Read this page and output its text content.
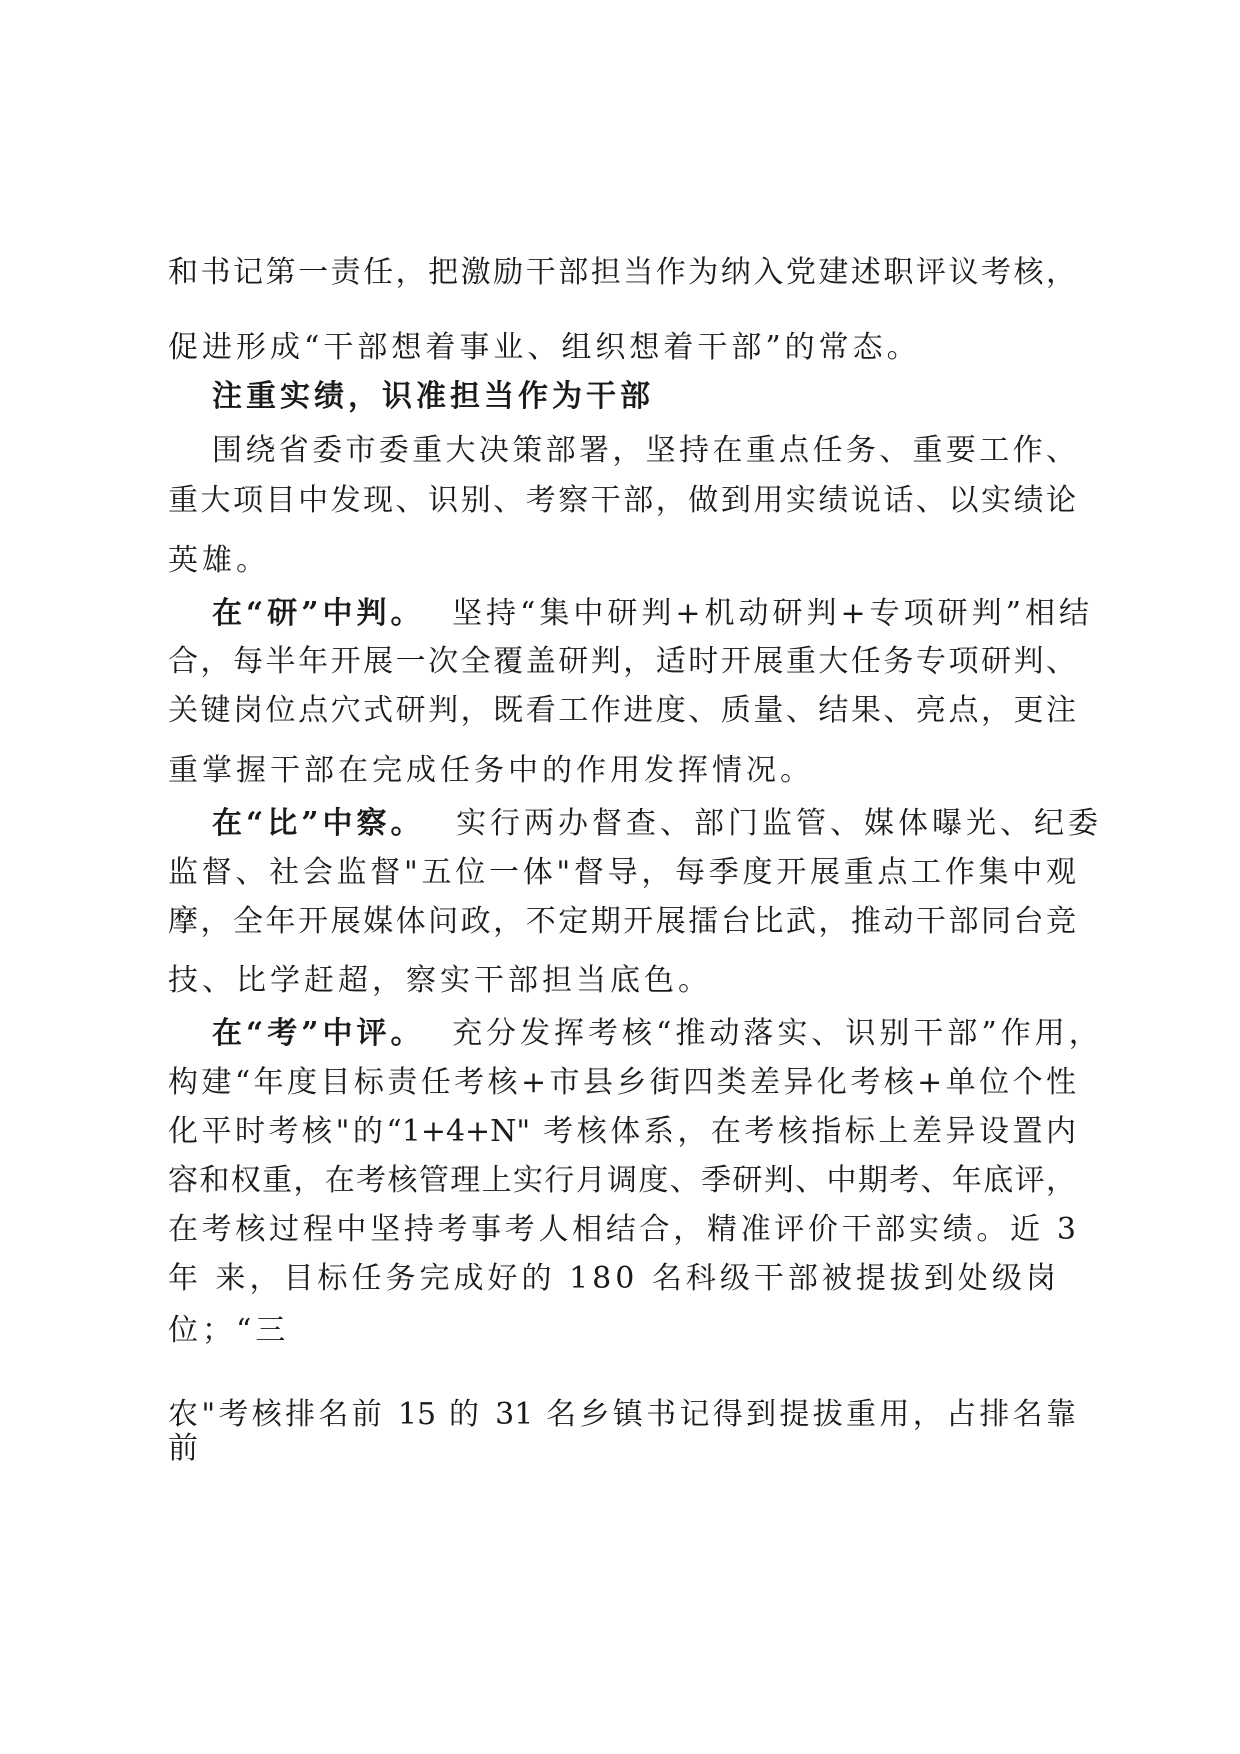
和书记第一责任，把激励干部担当作为纳入党建述职评议考核，
促进形成“干部想着事业、组织想着干部”的常态。
注重实绩，识准担当作为干部
围绕省委市委重大决策部署，坚持在重点任务、重要工作、
重大项目中发现、识别、考察干部，做到用实绩说话、以实绩论
英雄。
在“研”中判。 坚持“集中研判+机动研判+专项研判”相结
合，每半年开展一次全覆盖研判，适时开展重大任务专项研判、
关键岗位点穴式研判，既看工作进度、质量、结果、亮点，更注
重掌握干部在完成任务中的作用发挥情况。
在“比”中察。 实行两办督查、部门监管、媒体曝光、纪委
监督、社会监督"五位一体"督导，每季度开展重点工作集中观
摩，全年开展媒体问政，不定期开展擂台比武，推动干部同台竞
技、比学赶超，察实干部担当底色。
在“考”中评。 充分发挥考核“推动落实、识别干部”作用，
构建“年度目标责任考核+市县乡街四类差异化考核+单位个性
化平时考核"的“1+4+N" 考核体系，在考核指标上差异设置内
容和权重，在考核管理上实行月调度、季研判、中期考、年底评，
在考核过程中坚持考事考人相结合，精准评价干部实绩。近 3
年 来，目标任务完成好的 180 名科级干部被提拔到处级岗
位；“三
农"考核排名前 15 的 31 名乡镇书记得到提拔重用，占排名靠
前
